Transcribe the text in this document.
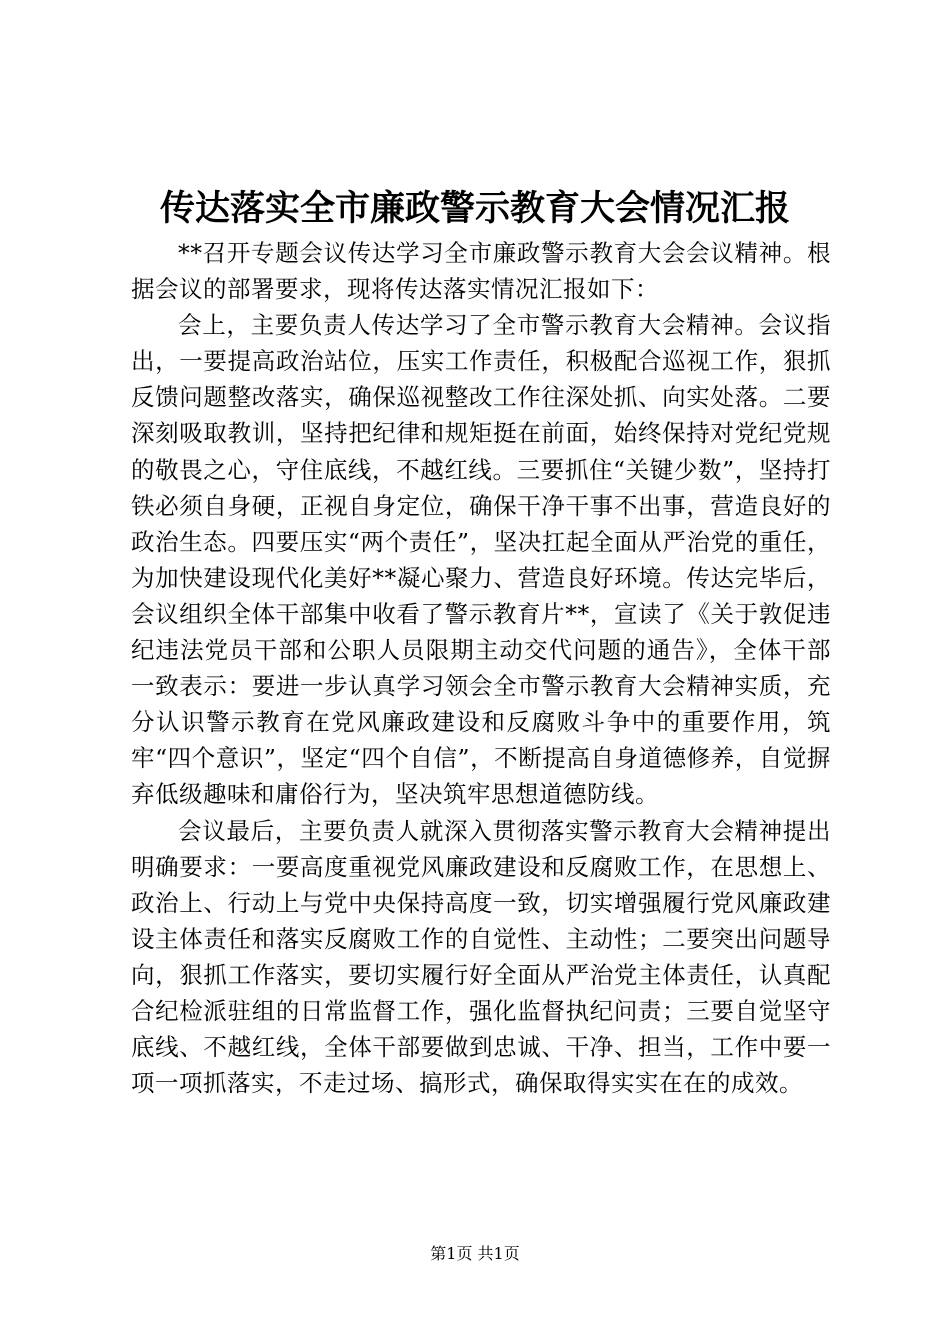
传达落实全市廉政警示教育大会情况汇报

**召开专题会议传达学习全市廉政警示教育大会会议精神。根据会议的部署要求，现将传达落实情况汇报如下：

会上，主要负责人传达学习了全市警示教育大会精神。会议指出，一要提高政治站位，压实工作责任，积极配合巡视工作，狠抓反馈问题整改落实，确保巡视整改工作往深处抓、向实处落。二要深刻吸取教训，坚持把纪律和规矩挺在前面，始终保持对党纪党规的敬畏之心，守住底线，不越红线。三要抓住“关键少数”，坚持打铁必须自身硬，正视自身定位，确保干净干事不出事，营造良好的政治生态。四要压实“两个责任”，坚决扛起全面从严治党的重任，为加快建设现代化美好**凝心聚力、营造良好环境。传达完毕后，会议组织全体干部集中收看了警示教育片**，宣读了《关于敦促违纪违法党员干部和公职人员限期主动交代问题的通告》，全体干部一致表示：要进一步认真学习领会全市警示教育大会精神实质，充分认识警示教育在党风廉政建设和反腐败斗争中的重要作用，筑牢“四个意识”，坚定“四个自信”，不断提高自身道德修养，自觉摒弃低级趣味和庸俗行为，坚决筑牢思想道德防线。

会议最后，主要负责人就深入贯彻落实警示教育大会精神提出明确要求：一要高度重视党风廉政建设和反腐败工作，在思想上、政治上、行动上与党中央保持高度一致，切实增强履行党风廉政建设主体责任和落实反腐败工作的自觉性、主动性；二要突出问题导向，狠抓工作落实，要切实履行好全面从严治党主体责任，认真配合纪检派驻组的日常监督工作，强化监督执纪问责；三要自觉坚守底线、不越红线，全体干部要做到忠诚、干净、担当，工作中要一项一项抓落实，不走过场、搞形式，确保取得实实在在的成效。

第1页 共1页
